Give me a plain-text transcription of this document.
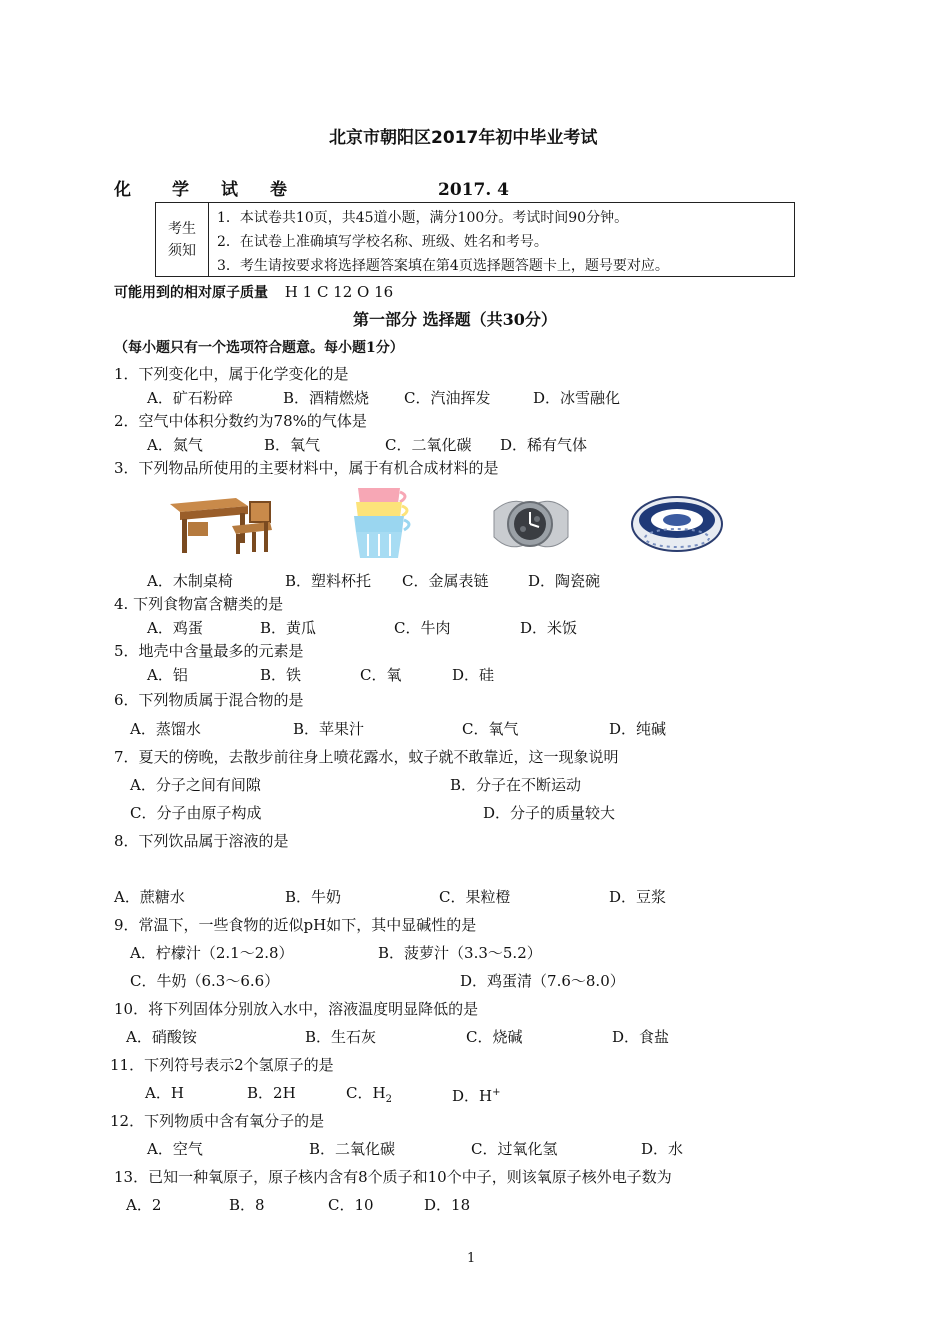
北京市朝阳区2017年初中毕业考试
化 学 试 卷	2017. 4
考生
须知
1．本试卷共10页，共45道小题，满分100分。考试时间90分钟。
2．在试卷上准确填写学校名称、班级、姓名和考号。
3．考生请按要求将选择题答案填在第4页选择题答题卡上，题号要对应。
可能用到的相对原子质量 H 1 C 12 O 16
第一部分 选择题（共30分）
（每小题只有一个选项符合题意。每小题1分）
1．下列变化中，属于化学变化的是
A．矿石粉碎	B．酒精燃烧 C．汽油挥发	D．冰雪融化
2．空气中体积分数约为78%的气体是
A．氮气	B．氧气	C．二氧化碳 D．稀有气体
3．下列物品所使用的主要材料中，属于有机合成材料的是
A．木制桌椅	B．塑料杯托 C．金属表链	D．陶瓷碗
4. 下列食物富含糖类的是
A．鸡蛋	B．黄瓜	C．牛肉	D．米饭
5．地壳中含量最多的元素是
A．铝	B．铁	C．氧	D．硅
6．下列物质属于混合物的是
A．蒸馏水	B．苹果汁	C．氧气	D．纯碱
7．夏天的傍晚，去散步前往身上喷花露水，蚊子就不敢靠近，这一现象说明
A．分子之间有间隙	B．分子在不断运动
C．分子由原子构成	D．分子的质量较大
8．下列饮品属于溶液的是
A．蔗糖水	B．牛奶	C．果粒橙	D．豆浆
9．常温下，一些食物的近似pH如下，其中显碱性的是
A．柠檬汁（2.1～2.8）	B．菠萝汁（3.3～5.2）
C．牛奶（6.3～6.6）	D．鸡蛋清（7.6～8.0）
10．将下列固体分别放入水中，溶液温度明显降低的是
A．硝酸铵	B．生石灰	C．烧碱	D．食盐
11．下列符号表示2个氢原子的是
A．H	B．2H	C．$H_2$	D．H+
12．下列物质中含有氧分子的是
A．空气	B．二氧化碳	C．过氧化氢	D．水
13．已知一种氧原子，原子核内含有8个质子和10个中子，则该氧原子核外电子数为
A．2	B．8	C．10	D．18
1
